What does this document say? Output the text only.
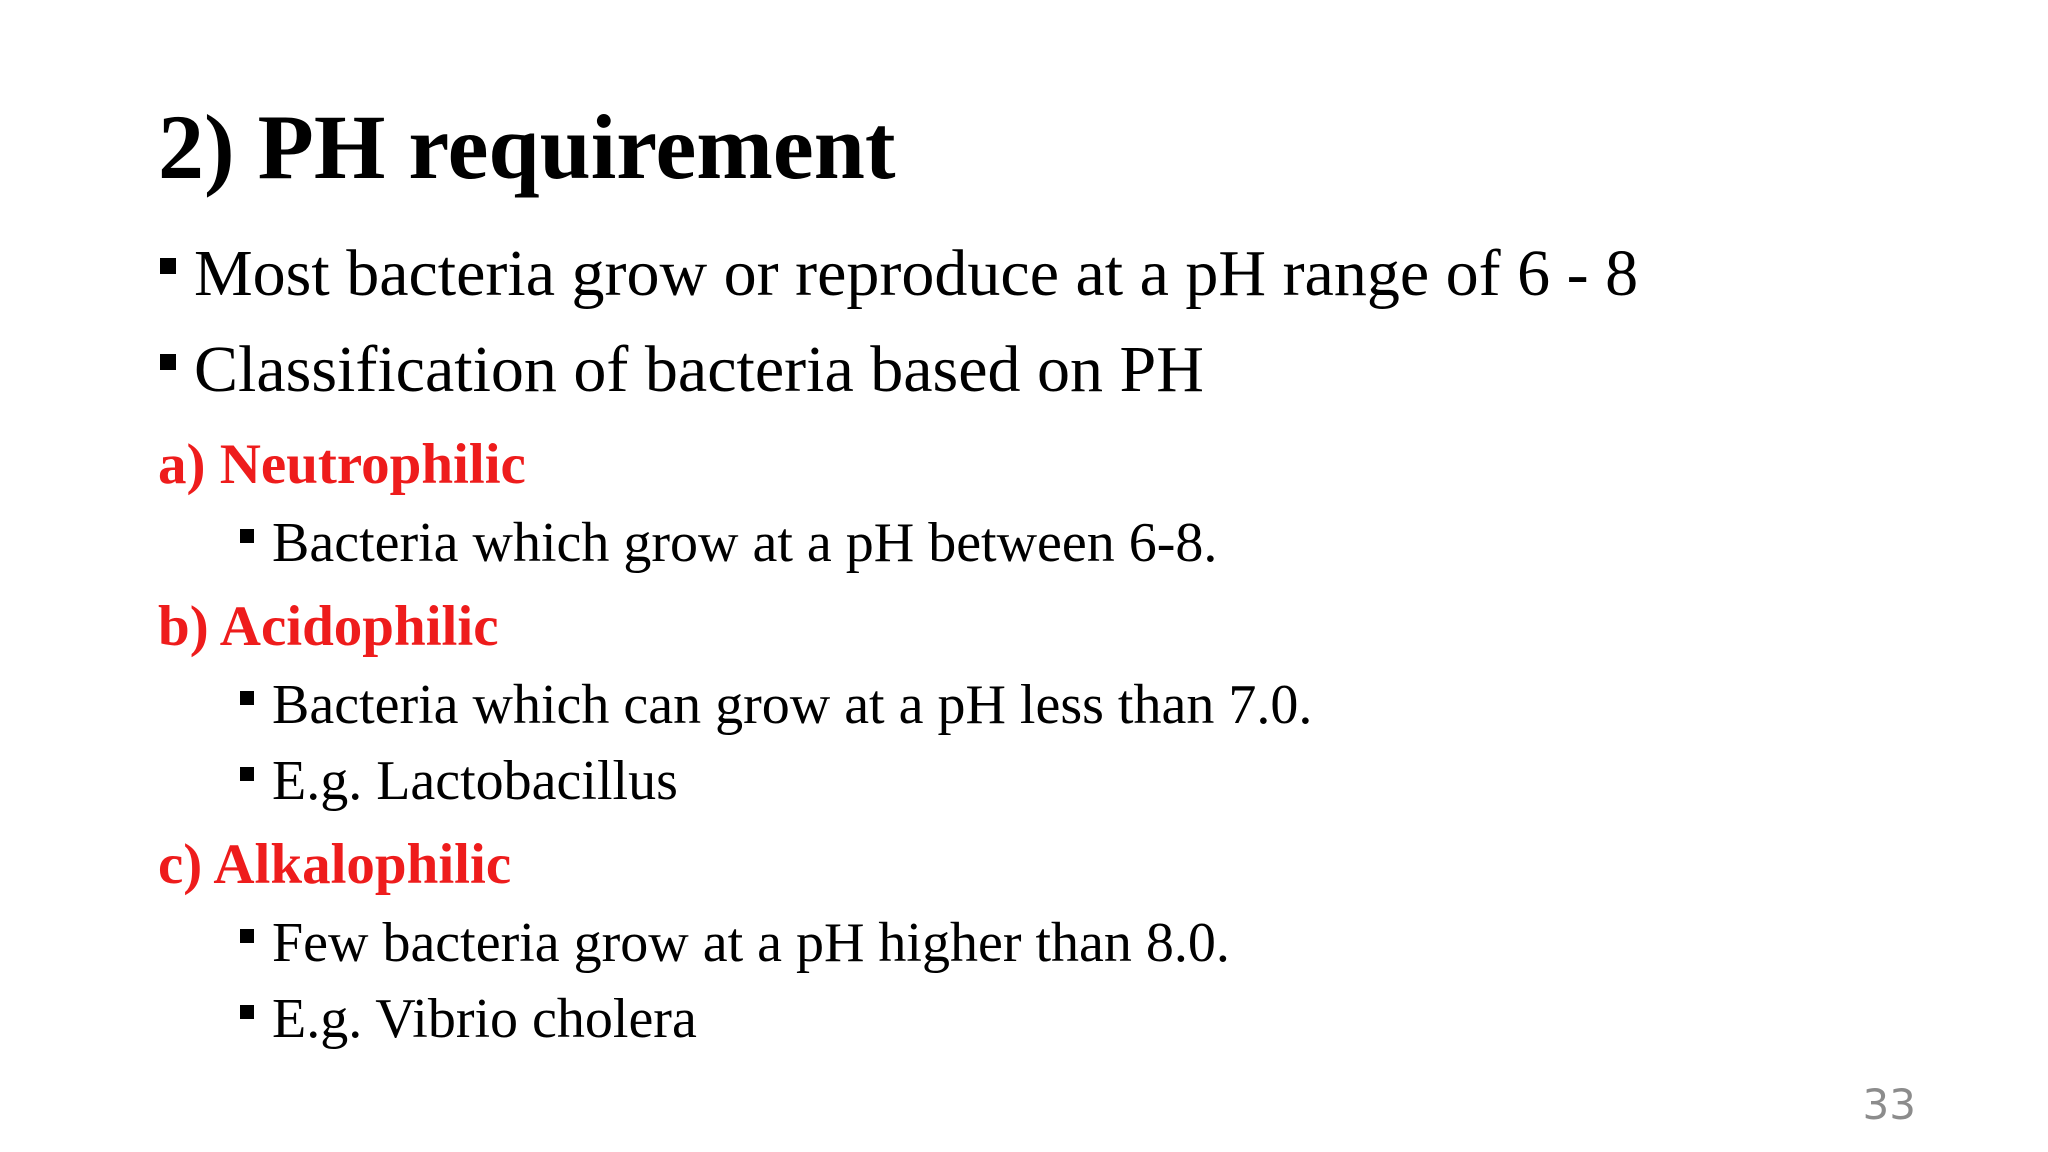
2) PH requirement
Most bacteria grow or reproduce at a pH range of 6 - 8
Classification of bacteria based on PH
a) Neutrophilic
Bacteria which grow at a pH between 6-8.
b) Acidophilic
Bacteria which can grow at a pH less than 7.0.
E.g. Lactobacillus
c) Alkalophilic
Few bacteria grow at a pH higher than 8.0.
E.g. Vibrio cholera
33
